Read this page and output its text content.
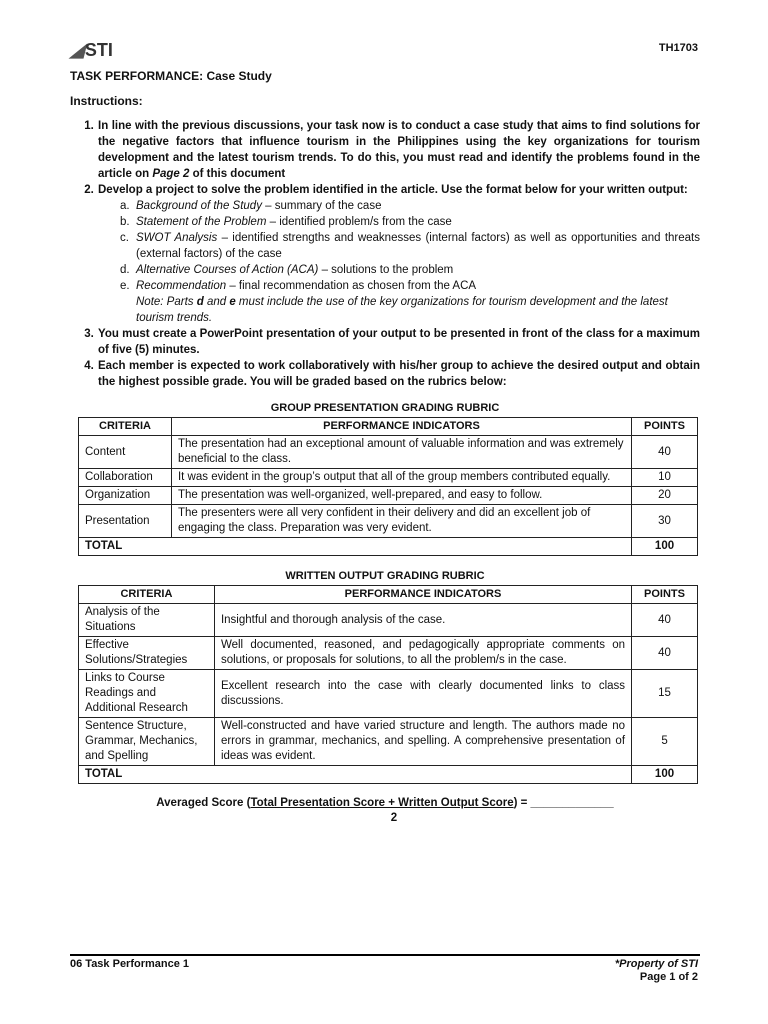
◢STI	TH1703
TASK PERFORMANCE: Case Study
Instructions:
1. In line with the previous discussions, your task now is to conduct a case study that aims to find solutions for the negative factors that influence tourism in the Philippines using the key organizations for tourism development and the latest tourism trends. To do this, you must read and identify the problems found in the article on Page 2 of this document
2. Develop a project to solve the problem identified in the article. Use the format below for your written output:
a. Background of the Study – summary of the case
b. Statement of the Problem – identified problem/s from the case
c. SWOT Analysis – identified strengths and weaknesses (internal factors) as well as opportunities and threats (external factors) of the case
d. Alternative Courses of Action (ACA) – solutions to the problem
e. Recommendation – final recommendation as chosen from the ACA
Note: Parts d and e must include the use of the key organizations for tourism development and the latest tourism trends.
3. You must create a PowerPoint presentation of your output to be presented in front of the class for a maximum of five (5) minutes.
4. Each member is expected to work collaboratively with his/her group to achieve the desired output and obtain the highest possible grade. You will be graded based on the rubrics below:
GROUP PRESENTATION GRADING RUBRIC
CRITERIA	PERFORMANCE INDICATORS	POINTS
Content	The presentation had an exceptional amount of valuable information and was extremely beneficial to the class.	40
Collaboration	It was evident in the group’s output that all of the group members contributed equally.	10
Organization	The presentation was well-organized, well-prepared, and easy to follow.	20
Presentation	The presenters were all very confident in their delivery and did an excellent job of engaging the class. Preparation was very evident.	30
TOTAL		100
WRITTEN OUTPUT GRADING RUBRIC
CRITERIA	PERFORMANCE INDICATORS	POINTS
Analysis of the Situations	Insightful and thorough analysis of the case.	40
Effective Solutions/Strategies	Well documented, reasoned, and pedagogically appropriate comments on solutions, or proposals for solutions, to all the problem/s in the case.	40
Links to Course Readings and Additional Research	Excellent research into the case with clearly documented links to class discussions.	15
Sentence Structure, Grammar, Mechanics, and Spelling	Well-constructed and have varied structure and length. The authors made no errors in grammar, mechanics, and spelling. A comprehensive presentation of ideas was evident.	5
TOTAL		100
Averaged Score (Total Presentation Score + Written Output Score) = _____________
2
06 Task Performance 1	*Property of STI
Page 1 of 2
